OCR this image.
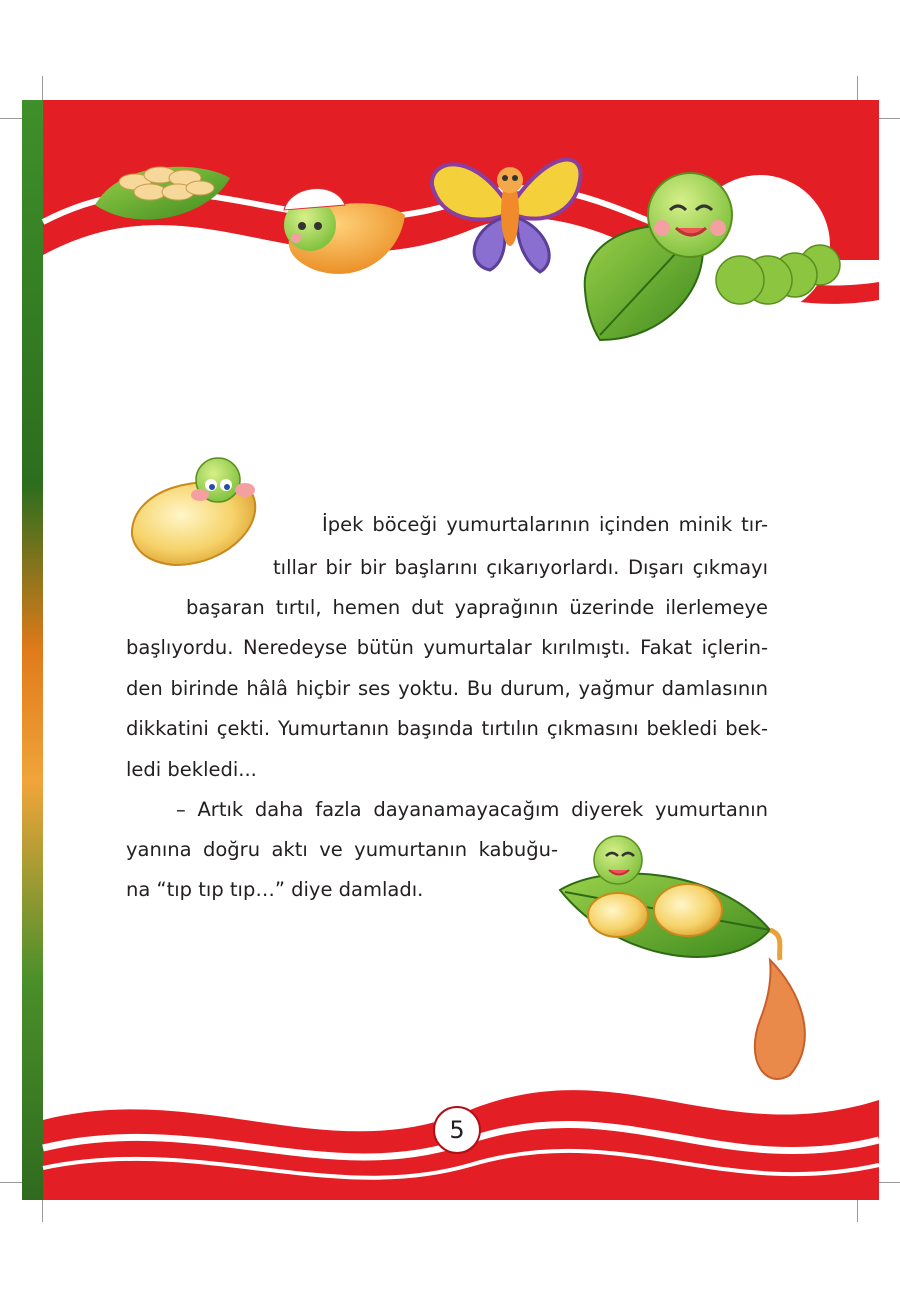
İpek böceği yumurtalarının içinden minik tır-
tıllar bir bir başlarını çıkarıyorlardı. Dışarı çıkmayı
başaran tırtıl, hemen dut yaprağının üzerinde ilerlemeye
başlıyordu. Neredeyse bütün yumurtalar kırılmıştı. Fakat içlerin-
den birinde hâlâ hiçbir ses yoktu. Bu durum, yağmur damlasının
dikkatini çekti. Yumurtanın başında tırtılın çıkmasını bekledi bek-
ledi bekledi...
– Artık daha fazla dayanamayacağım diyerek yumurtanın
yanına doğru aktı ve yumurtanın kabuğu-
na “tıp tıp tıp…” diye damladı.
5
